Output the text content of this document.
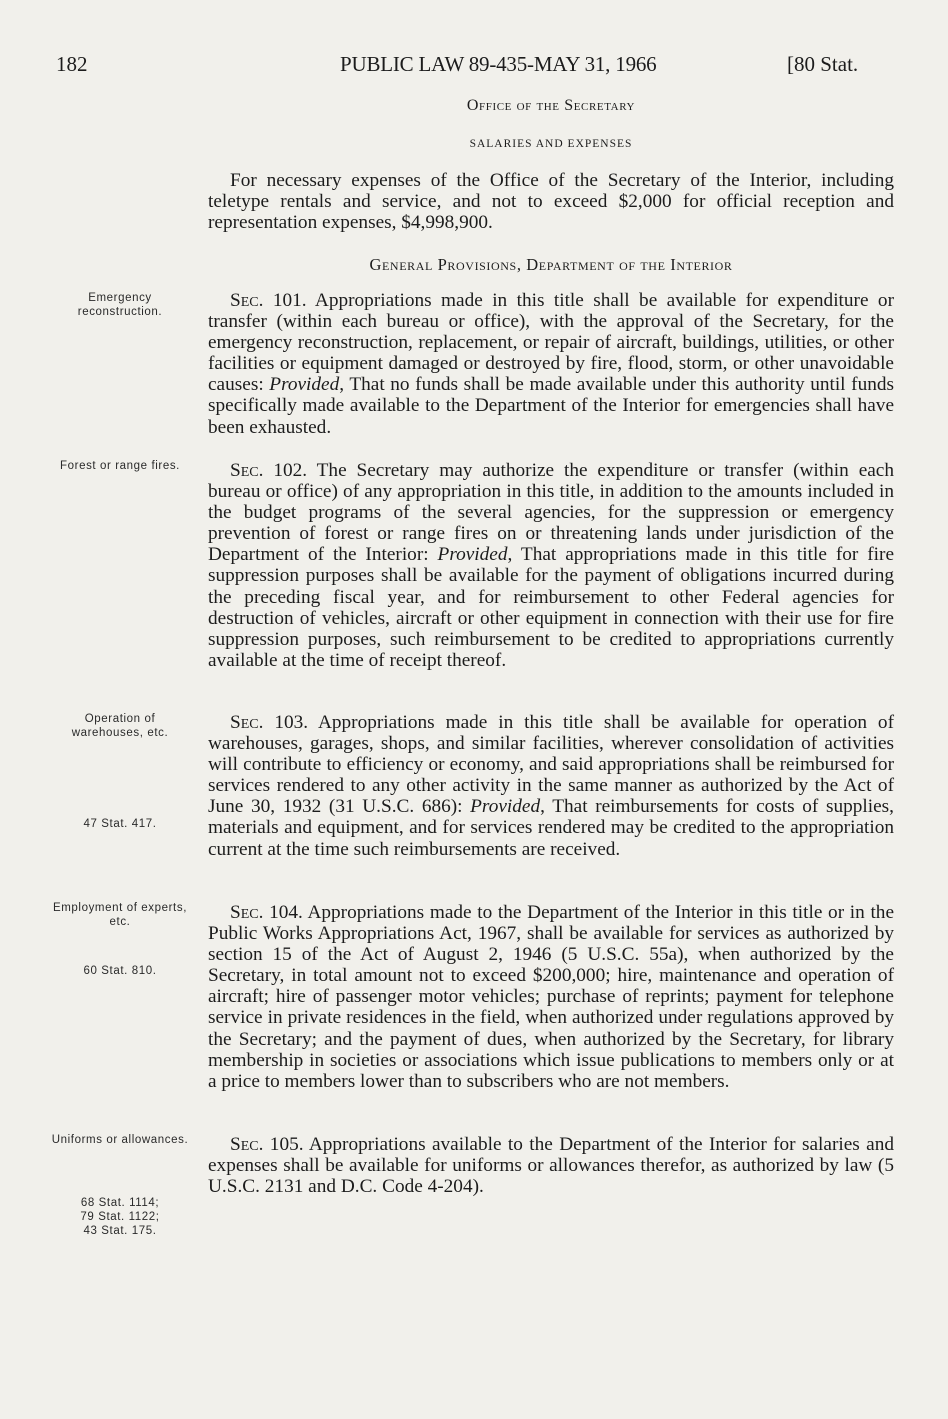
182	PUBLIC LAW 89-435-MAY 31, 1966	[80 Stat.
Office of the Secretary
SALARIES AND EXPENSES

For necessary expenses of the Office of the Secretary of the Interior, including teletype rentals and service, and not to exceed $2,000 for official reception and representation expenses, $4,998,900.

General Provisions, Department of the Interior

Sec. 101. Appropriations made in this title shall be available for expenditure or transfer (within each bureau or office), with the approval of the Secretary, for the emergency reconstruction, replacement, or repair of aircraft, buildings, utilities, or other facilities or equipment damaged or destroyed by fire, flood, storm, or other unavoidable causes: Provided, That no funds shall be made available under this authority until funds specifically made available to the Department of the Interior for emergencies shall have been exhausted.

Sec. 102. The Secretary may authorize the expenditure or transfer (within each bureau or office) of any appropriation in this title, in addition to the amounts included in the budget programs of the several agencies, for the suppression or emergency prevention of forest or range fires on or threatening lands under jurisdiction of the Department of the Interior: Provided, That appropriations made in this title for fire suppression purposes shall be available for the payment of obligations incurred during the preceding fiscal year, and for reimbursement to other Federal agencies for destruction of vehicles, aircraft or other equipment in connection with their use for fire suppression purposes, such reimbursement to be credited to appropriations currently available at the time of receipt thereof.

Sec. 103. Appropriations made in this title shall be available for operation of warehouses, garages, shops, and similar facilities, wherever consolidation of activities will contribute to efficiency or economy, and said appropriations shall be reimbursed for services rendered to any other activity in the same manner as authorized by the Act of June 30, 1932 (31 U.S.C. 686): Provided, That reimbursements for costs of supplies, materials and equipment, and for services rendered may be credited to the appropriation current at the time such reimbursements are received.

Sec. 104. Appropriations made to the Department of the Interior in this title or in the Public Works Appropriations Act, 1967, shall be available for services as authorized by section 15 of the Act of August 2, 1946 (5 U.S.C. 55a), when authorized by the Secretary, in total amount not to exceed $200,000; hire, maintenance and operation of aircraft; hire of passenger motor vehicles; purchase of reprints; payment for telephone service in private residences in the field, when authorized under regulations approved by the Secretary; and the payment of dues, when authorized by the Secretary, for library membership in societies or associations which issue publications to members only or at a price to members lower than to subscribers who are not members.

Sec. 105. Appropriations available to the Department of the Interior for salaries and expenses shall be available for uniforms or allowances therefor, as authorized by law (5 U.S.C. 2131 and D.C. Code 4-204).

Emergency reconstruction.
Forest or range fires.
Operation of warehouses, etc.
47 Stat. 417.
Employment of experts, etc.
60 Stat. 810.
Uniforms or allowances.
68 Stat. 1114;
79 Stat. 1122;
43 Stat. 175.
